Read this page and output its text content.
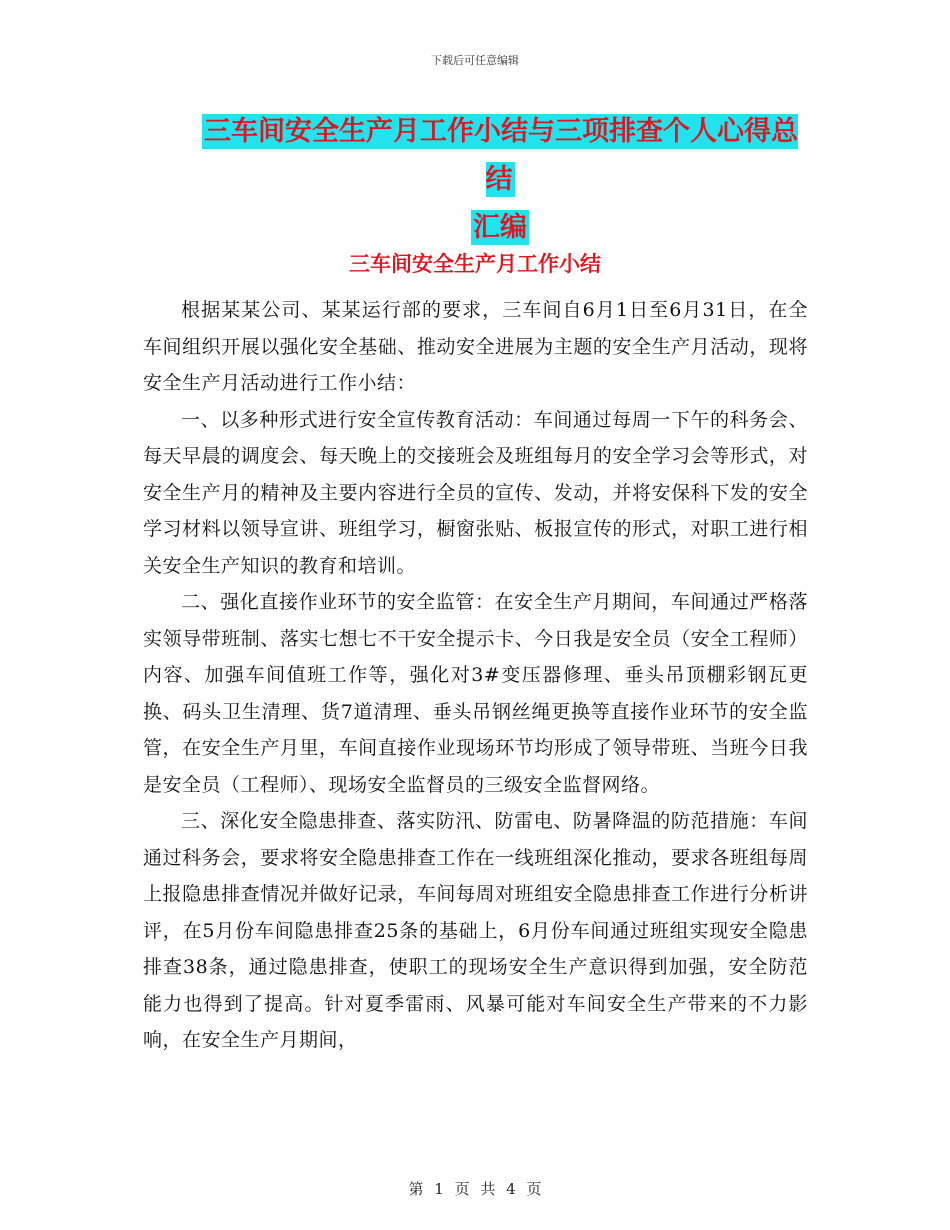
下载后可任意编辑
三车间安全生产月工作小结与三项排查个人心得总结
汇编
三车间安全生产月工作小结

根据某某公司、某某运行部的要求，三车间自6月1日至6月31日，在全车间组织开展以强化安全基础、推动安全进展为主题的安全生产月活动，现将安全生产月活动进行工作小结：

一、以多种形式进行安全宣传教育活动：车间通过每周一下午的科务会、每天早晨的调度会、每天晚上的交接班会及班组每月的安全学习会等形式，对安全生产月的精神及主要内容进行全员的宣传、发动，并将安保科下发的安全学习材料以领导宣讲、班组学习，橱窗张贴、板报宣传的形式，对职工进行相关安全生产知识的教育和培训。

二、强化直接作业环节的安全监管：在安全生产月期间，车间通过严格落实领导带班制、落实七想七不干安全提示卡、今日我是安全员（安全工程师）内容、加强车间值班工作等，强化对3#变压器修理、垂头吊顶棚彩钢瓦更换、码头卫生清理、货7道清理、垂头吊钢丝绳更换等直接作业环节的安全监管，在安全生产月里，车间直接作业现场环节均形成了领导带班、当班今日我是安全员（工程师）、现场安全监督员的三级安全监督网络。

三、深化安全隐患排查、落实防汛、防雷电、防暑降温的防范措施：车间通过科务会，要求将安全隐患排查工作在一线班组深化推动，要求各班组每周上报隐患排查情况并做好记录，车间每周对班组安全隐患排查工作进行分析讲评，在5月份车间隐患排查25条的基础上，6月份车间通过班组实现安全隐患排查38条，通过隐患排查，使职工的现场安全生产意识得到加强，安全防范能力也得到了提高。针对夏季雷雨、风暴可能对车间安全生产带来的不力影响，在安全生产月期间，

第 1 页 共 4 页
